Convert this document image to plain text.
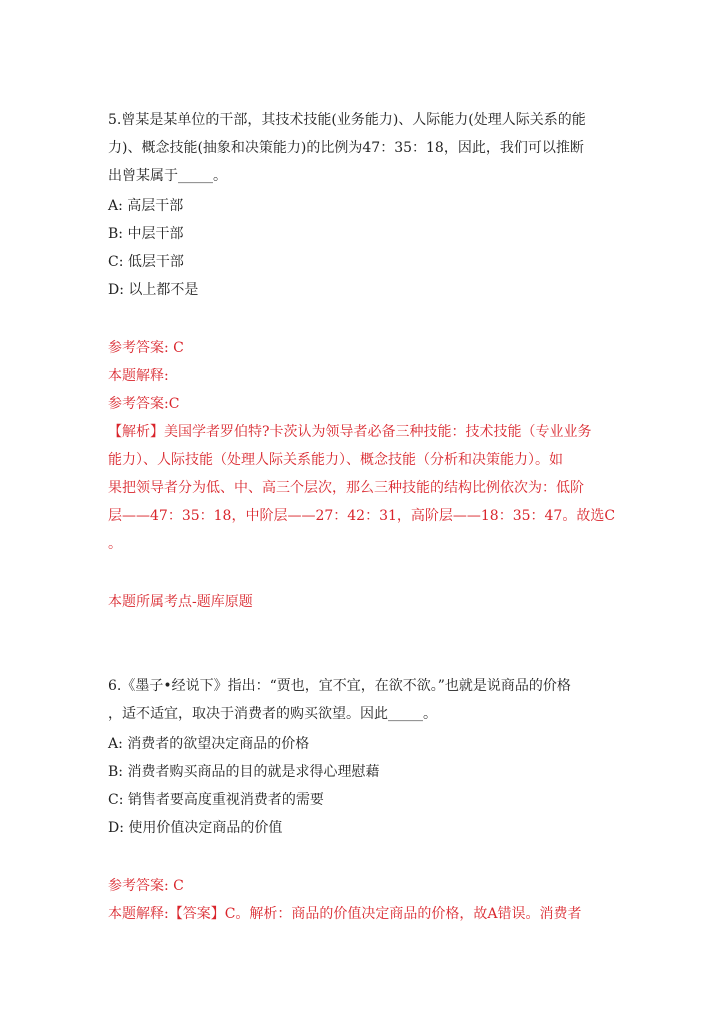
5.曾某是某单位的干部，其技术技能(业务能力)、人际能力(处理人际关系的能
力)、概念技能(抽象和决策能力)的比例为47：35：18，因此，我们可以推断
出曾某属于_____。
A: 高层干部
B: 中层干部
C: 低层干部
D: 以上都不是
参考答案: C
本题解释:
参考答案:C
【解析】美国学者罗伯特?卡茨认为领导者必备三种技能：技术技能（专业业务
能力）、人际技能（处理人际关系能力）、概念技能（分析和决策能力）。如
果把领导者分为低、中、高三个层次，那么三种技能的结构比例依次为：低阶
层——47：35：18，中阶层——27：42：31，高阶层——18：35：47。故选C
。
本题所属考点-题库原题
6.《墨子•经说下》指出：“贾也，宜不宜，在欲不欲。”也就是说商品的价格
，适不适宜，取决于消费者的购买欲望。因此_____。
A: 消费者的欲望决定商品的价格
B: 消费者购买商品的目的就是求得心理慰藉
C: 销售者要高度重视消费者的需要
D: 使用价值决定商品的价值
参考答案: C
本题解释:【答案】C。解析：商品的价值决定商品的价格，故A错误。消费者
